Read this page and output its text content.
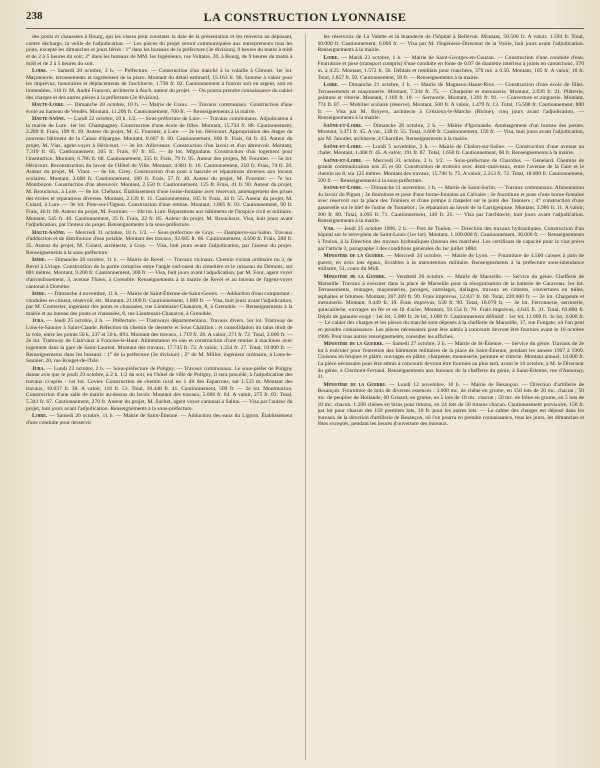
238	LA CONSTRUCTION LYONNAISE

des ponts et chaussées à Bourg, qui les visera pour constater la date de la présentation et les renverra au déposant, contre décharge, la veille de l'adjudication. — Les pièces du projet seront communiquées aux entrepreneurs tous les jours, excepté les dimanches et jours fériés : 1° dans les bureaux de la préfecture (3e division), 9 heures du matin à midi et de 2 à 5 heures du soir; 2° dans les bureaux de MM. les Ingénieurs, rue Voltaire, 20, à Bourg, de 9 heures du matin à midi et de 2 à 5 heures du soir.

Loire. — Samedi 20 octobre, 2 h. — Préfecture. — Construction d'un marché à la volaille à Gimont. 1er lot. Maçonnerie, terrassements et ragréement de la place. Montant du détail estimatif, 15.163 fr. 98. Somme à valoir pour les imprévus, honoraires et déplacements de l'architecte, 1.736 fr. 02. Cautionnement à fournir soit en argent, soit en immeubles, 310 fr. M. André Francon, architecte à Auch, auteur du projet. — On pourra prendre connaissance du cahier des charges et des autres pièces à la préfecture (2e division).

Haute-Loire. — Dimanche 28 octobre, 10 h. — Mairie de Craux. — Travaux communaux. Construction d'une école au hameau de Vendès. Montant, 11.200 fr. Cautionnement, 700 fr. — Renseignements à la mairie.

Haute-Saône. — Lundi 22 octobre, 10 h. 1/2. — Sous-préfecture de Lure. — Travaux communaux. Adjudication à la mairie de Lure. 1er lot. Champagney. Construction d'une école de filles. Montant, 15.734 fr. 88. Cautionnement, 2.280 fr. Frais, 198 fr. 10. Auteur du projet, M. G. Fournier, à Lure. — 2e lot. Héricourt. Appropriation des étages du nouveau bâtiment de la Caisse d'épargne. Montant, 8.667 fr. 60. Cautionnement, 800 fr. Frais, 64 fr. 63. Auteur du projet, M. Vias, agent-voyer à Héricourt. — 3e lot. Ailleveaux. Construction d'un lavoir et d'un abreuvoir. Montant, 7.319 fr. 05. Cautionnement, 365 fr. Frais, 67 fr. 85. — 4e lot. Mignafans. Construction d'un logement pour l'institutrice. Montant, 6.786 fr. 68. Cautionnement, 335 fr. Frais, 79 fr. 95. Auteur des projets, M. Fournier. — 5e lot. Héricourt. Reconstruction du lavoir de l'Hôtel de Ville. Montant, 4.981 fr. 16. Cautionnement, 250 fr. Frais, 74 fr. 20. Auteur du projet, M. Vinot. — 6e lot. Cirey. Construction d'un pont à bascule et réparations diverses aux locaux scolaires. Montant, 3.668 fr. Cautionnement, 180 fr. Frais, 57 fr. 40. Auteur du projet, M. Fournier. — 7e lot. Montbozon. Construction d'un abreuvoir. Montant, 2.550 fr. Cautionnement, 125 fr. Frais, 41 fr. 90. Auteur du projet, M. Brouchoux, à Lure. — 8e lot. Chéhaux. Établissement d'une borne-fontaine avec réservoir, aménagement des prises des écoles et réparations diverses. Montant, 2.139 fr. 11. Cautionnement, 105 fr. Frais, 44 fr. 55. Auteur du projet, M. Colard, à Lure. — 9e lot. Pont-sur-l'Ognon. Construction d'une remise. Montant, 1.805 fr. 03. Cautionnement, 90 fr. Frais, 46 fr. 80. Auteur du projet, M. Fournier. — 10e lot. Lure. Réparations aux bâtiments de l'hospice civil et militaire. Montant, 545 fr. 40. Cautionnement, 25 fr. Frais, 22 fr. 85. Auteur du projet, M. Brouchoux. Visa, huit jours avant l'adjudication, par l'auteur du projet. Renseignements à la sous-préfecture.

Haute-Saône. — Mercredi 31 octobre, 10 h. 1/2. — Sous-préfecture de Gray. — Dampierre-sur-Salon. Travaux d'adduction et de distribution d'eau potable. Montant des travaux, 92.685 fr. 66. Cautionnement, 4.600 fr. Frais, 288 fr. 35. Auteur du projet, M. Colard, architecte, à Gray. — Visa, huit jours avant l'adjudication, par l'auteur du projet. Renseignements à la sous-préfecture.

Isère. — Dimanche 28 octobre, 11 h. — Mairie de Revel. — Travaux vicinaux. Chemin vicinal ordinaire no 3, de Revel à Uriage. Construction de la partie comprise entre l'angle sud-ouest du cimetière et le ruisseau du Démons, sur 881 mètres. Montant, 9.200 fr. Cautionnement, 300 fr. — Visa, huit jours avant l'adjudication, par M. Four, agent voyer d'arrondissement, 3, avenue Thiers, à Grenoble. Renseignements à la mairie de Revel et au bureau de l'agent-voyer cantonal à Domène.

Isère. — Dimanche 4 novembre, 11 h. — Mairie de Saint-Étienne-de-Saint-Geoirs. — Adduction d'eau comportant : conduites en ciment, réservoir, etc. Montant, 21.000 fr. Cautionnement, 1.800 fr. — Visa, huit jours avant l'adjudication, par M. Coutterier, ingénieur des ponts et chaussées, rue Lieutenant-Chanaron, 8, à Grenoble. — Renseignements à la mairie et au bureau des ponts et chaussées, 8, rue Lieutenant-Chanaron, à Grenoble.

Jura. — Jeudi 25 octobre, 2 h. — Préfecture. — Tramways départementaux. Travaux divers. 1er lot. Tramway de Lons-le-Saunier à Saint-Claude. Réfection du chemin de desserte et Sous Châtillon ; et consolidation du talus droit de la voie, entre les points 50 k. 337 et 50 k. 893. Montant des travaux, 1.719 fr. 28. A valoir, 271 fr. 72. Total, 2.000 fr. — 2e lot. Tramway de Clairvaux à Foncine-le-Haut. Alimentation en eau et construction d'une remise à machines avec logement dans la gare de Saint-Laurent. Montant des travaux, 17.745 fr. 73. A valoir, 1.254 fr. 27. Total, 19.000 fr. — Renseignements dans les bureaux : 1° de la préfecture (2e division) ; 2° de M. Millot, ingénieur ordinaire, à Lons-le-Saunier, 20, rue Rouget-de-l'Isle.

Jura. — Lundi 22 octobre, 2 h. — Sous-préfecture de Poligny. — Travaux communaux. Le sous-préfet de Poligny donne avis que le jeudi 29 octobre, à 2 h. 1/2 du soir, en l'hôtel de ville de Poligny, il sera procédé, à l'adjudication des travaux ci-après : 1er lot. Covier. Construction de chemin rural no 1 dit des Esparrons, sur 1.533 m. Montant des travaux, 10.037 fr. 38. A valoir, 116 fr. 53. Total, 10.448 fr. 41. Cautionnement, 500 fr. — 2e lot. Montmorion. Construction d'une salle de mairie au-dessus du lavoir. Montant des travaux, 5.066 fr. 64. A valoir, 275 fr. 03. Total, 5.341 fr. 67. Cautionnement, 270 fr. Auteur du projet, M. Suchet, agent voyer cantonal à Salins. — Visa par l'auteur du projet, huit jours avant l'adjudication. Renseignements à la sous-préfecture.

Loire. — Samedi 20 octobre, 11 h. — Mairie de Saint-Étienne. — Adduction des eaux du Lignon. Établissement d'une conduite pour desservir

les réservoirs de La Valette et la buanderie de l'hôpital à Bellevue. Montant, 58.506 fr. A valoir, 1.594 fr. Total, 60.000 fr. Cautionnement, 6.000 fr. — Visa par M. l'Ingénieur-Directeur de la Voirie, huit jours avant l'adjudication. Renseignements à la mairie.

Loire. — Mardi 23 octobre, 1 h. — Mairie de Saint-Georges-en-Couzan. — Construction d'une conduite d'eau. Fourniture et pose (transport compris) d'une conduite en fonte de 0.07 de diamètre intérieur à joints en caoutchouc, 370 m. à 4.25. Montant, 1.572 fr. 50. Déblais et remblais pour tranchées, 370 mè. à 0.50. Montant, 185 fr. A valoir, 10 fr. Total, 1.857 fr. 50. Cautionnement, 50 fr. — Renseignements à la mairie.

Loire. — Dimanche 21 octobre, 1 h. — Mairie de Magneux-Haute-Rive. — Construction d'une école de filles. Terrassements et maçonnerie. Montant, 7.344 fr. 75. — Charpente et menuiserie. Montant, 2.036 fr. 21. Plâtrerie, peinture et vitrerie. Montant, 1.109 fr. 10. — Serrurerie. Montant, 1.391 fr. 91. — Couverture et zinguerie. Montant, 774 fr. 87. — Mobilier scolaire (réserve). Montant, 500 fr. A valoir, 1.479 fr. 13. Total, 15.500 fr. Cautionnement, 800 fr. — Visa par M. Broyers, architecte à Grézieux-le-Marché (Rhône), cinq jours avant l'adjudication. — Renseignements à la mairie.

Saône-et-Loire. — Dimanche 28 octobre, 2 h. — Mairie d'Igornande. Aménagement d'un bureau des postes. Montant, 3.471 fr. 45. A val., 128 fr. 55. Total, 3.600 fr. Cautionnement, 150 fr. — Visa, huit jours avant l'adjudication, par M. Janotier, architecte, à Charolles. Renseignements à la mairie.

Saône-et-Loire. — Lundi 5 novembre, 2 h. — Mairie de Chalon-sur-Saône. — Construction d'une avenue au chalet. Montant, 1.468 fr. 45. A valoir, 191 fr. 87. Total, 1.650 fr. Cautionnement, 60 fr. Renseignements à la mairie.

Saône-et-Loire. — Mercredi 31 octobre, 2 h. 1/2. — Sous-préfecture de Charolles. — Génelard. Chemins de grande communication nos 25 et 60. Construction de trottoirs avec demi-caniveaux, entre l'avenue de la Gare et le chemin no 8, sur 125 mètres. Montant des travaux, 15.746 fr. 75. A valoir, 2.253 fr. 72. Total, 18.000 fr. Cautionnement, 500 fr. — Renseignements à la sous-préfecture.

Saône-et-Loire. — Dimanche 11 novembre, 1 h. — Mairie de Saint-Sorlin. — Travaux communaux. Alimentation du lavoir du Pignet ; 3e fourniture et pose d'une borne-fontaine au Calvaire ; 3e fourniture et pose d'une borne-fontaine avec réservoir sur la place des Tonniers et d'une pompe à chapelet sur le puits des Tonniers ; 4° construction d'une passerelle sur le bief de l'usine de Tonnebot ; 5e réparation au lavoir de la Carrigenpuse. Montant, 3.986 fr. 11. A valoir, 200 fr. 80. Total, 4.095 fr. 71. Cautionnement, 140 fr. 25. — Visa par l'architecte, huit jours avant l'adjudication. Renseignements à la mairie.

Var. — Jeudi 25 octobre 1906, 2 h. — Port de Toulon. — Direction des travaux hydrauliques. Construction d'un hôpital sur le terre-plein de Saint-Louis (1er lot). Montant, 1.100.000 fr. Cautionnement, 36.000 fr. — Renseignements à Toulon, à la Direction des travaux hydrauliques (bureau des marchés). Les certificats de capacité pour la visa prévu par l'article 3, paragraphe 3 des conditions générales du 1er juillet 1884.

Ministère de la Guerre. — Mercredi 24 octobre. — Mairie de Lyon. — Fourniture de 4.500 caisses à pain de guerre, en trois lots égaux, livrables à la manutention militaire. Renseignements à la préfecture sous-intendance militaire, 51, cours du Midi.

Ministère de la Guerre. — Vendredi 26 octobre. — Mairie de Marseille. — Service du génie. Chefferie de Marseille. Travaux à exécuter dans la place de Marseille pour la réorganisation de la batterie de Caraveau. 1er lot. Terrassements, routages, maçonneries, pavages, carrelages, dallages, travaux en ciments, couvertures en tuiles, asphaltes et bitumes. Montant, 207.269 fr. 90. Frais imprévus, 12.837 fr. 60. Total, 220.000 fr. — 2e lot. Charpente et menuiserie. Montant, 9.449 fr. 10. Frais imprévus, 630 fr. 90. Total, 10.070 fr. — 3e lot. Ferronnerie, serrurerie, quincaillerie, ouvrages en fer et en fil d'acier. Montant, 59.154 fr. 70. Frais imprévus, 4.645 fr. 31. Total, 63.800 fr. Dépôt de garantie exigé : 1er lot, 5.000 fr. 2e lot, 1.000 fr. Cautionnement définitif : 1er lot, 11.000 fr. 3e lot, 4.000 fr. — Le cahier des charges et les pièces du marché sont déposés à la chefferie de Marseille, 17, rue Fongate, où l'on peut en prendre connaissance. Les pièces nécessaires pour être admis à concourir devront être fournies avant le 16 octobre 1906. Pour tous autres renseignements, consulter les affiches.

Ministère de la Guerre. — Samedi 27 octobre, 2 h. — Mairie de St-Étienne. — Service du génie. Travaux de 2e lot à exécuter pour l'entretien des bâtiments militaires de la place de Saint-Étienne, pendant les années 1907 à 1909. Cloisons en briques et plâtre, ouvrages en plâtre, charpente, menuiserie, peinture et vitrerie. Montant annuel, 14.000 fr. La pièce nécessaire pour être admis à concourir devront être fournies au plus tard, avant le 10 octobre, à M. le Directeur du génie, à Clermont-Ferrand. Renseignements aux bureaux de la chefferie du génie, à Saint-Étienne, rue d'Annonay, 31.

Ministère de la Guerre. — Lundi 12 novembre, 10 h. — Mairie de Besançon. — Direction d'artillerie de Besançon. Fourniture de bois de diverses essences : 3.000 mc. de chêne en grume, en 150 lots de 20 mc. chacun ; 50 mc. de peuplier de Hollande, 60 Grisard, en grume, en 5 lots de 10 mc. chacun ; 50 mc. de frêne en grume, en 5 lots de 10 mc. chacun. 1.200 chênes en brins pour timons, en 24 lots de 50 timons chacun. Cautionnement provisoire, 150 fr. par lot pour chacun des 150 premiers lots, 10 fr. pour les autres lots. — Le cahier des charges est déposé dans les bureaux de la direction d'artillerie de Besançon, où l'on pourra en prendre connaissance, tous les jours, les dimanches et fêtes exceptés, pendant les heures d'ouverture des bureaux.
